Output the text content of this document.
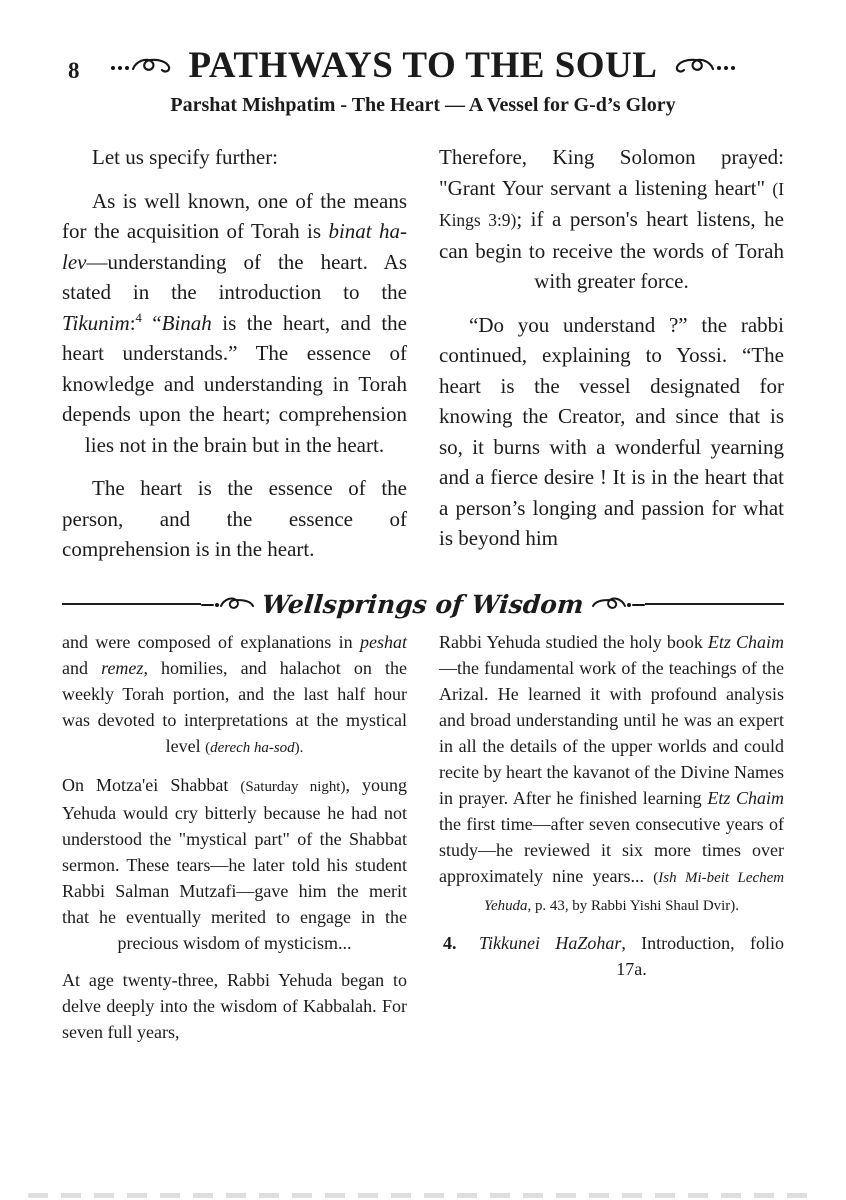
8	PATHWAYS TO THE SOUL
Parshat Mishpatim - The Heart — A Vessel for G-d’s Glory

Let us specify further:

As is well known, one of the means for the acquisition of Torah is binat ha-lev—understanding of the heart. As stated in the introduction to the Tikunim:$^4$ “Binah is the heart, and the heart understands.” The essence of knowledge and understanding in Torah depends upon the heart; comprehension lies not in the brain but in the heart.

The heart is the essence of the person, and the essence of comprehension is in the heart.

Therefore, King Solomon prayed: "Grant Your servant a listening heart" (I Kings 3:9); if a person's heart listens, he can begin to receive the words of Torah with greater force.

“Do you understand ?” the rabbi continued, explaining to Yossi. “The heart is the vessel designated for knowing the Creator, and since that is so, it burns with a wonderful yearning and a fierce desire ! It is in the heart that a person’s longing and passion for what is beyond him

Wellsprings of Wisdom

and were composed of explanations in peshat and remez, homilies, and halachot on the weekly Torah portion, and the last half hour was devoted to interpretations at the mystical level (derech ha-sod).

On Motza'ei Shabbat (Saturday night), young Yehuda would cry bitterly because he had not understood the "mystical part" of the Shabbat sermon. These tears—he later told his student Rabbi Salman Mutzafi—gave him the merit that he eventually merited to engage in the precious wisdom of mysticism...

At age twenty-three, Rabbi Yehuda began to delve deeply into the wisdom of Kabbalah. For seven full years,

Rabbi Yehuda studied the holy book Etz Chaim—the fundamental work of the teachings of the Arizal. He learned it with profound analysis and broad understanding until he was an expert in all the details of the upper worlds and could recite by heart the kavanot of the Divine Names in prayer. After he finished learning Etz Chaim the first time—after seven consecutive years of study—he reviewed it six more times over approximately nine years... (Ish Mi-beit Lechem Yehuda, p. 43, by Rabbi Yishi Shaul Dvir).

4. Tikkunei HaZohar, Introduction, folio 17a.
